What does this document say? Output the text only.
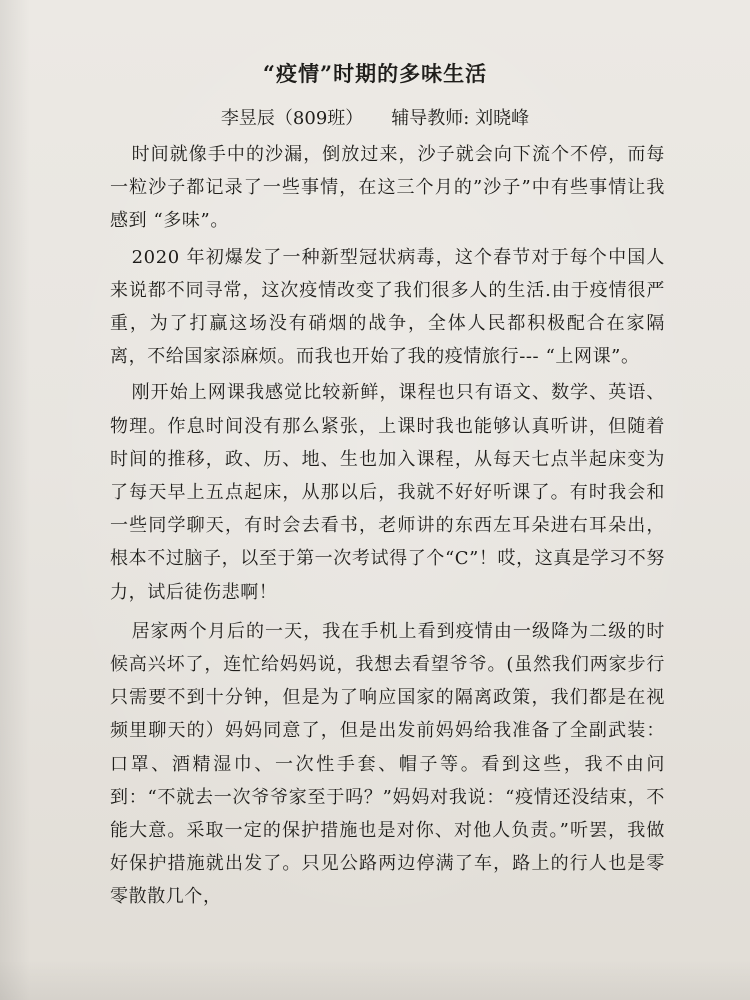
“疫情”时期的多味生活
李昱辰（809班） 辅导教师: 刘晓峰

时间就像手中的沙漏，倒放过来，沙子就会向下流个不停，而每一粒沙子都记录了一些事情，在这三个月的”沙子”中有些事情让我感到 “多味”。

2020 年初爆发了一种新型冠状病毒，这个春节对于每个中国人来说都不同寻常，这次疫情改变了我们很多人的生活.由于疫情很严重，为了打赢这场没有硝烟的战争，全体人民都积极配合在家隔离，不给国家添麻烦。而我也开始了我的疫情旅行--- “上网课”。

刚开始上网课我感觉比较新鲜，课程也只有语文、数学、英语、物理。作息时间没有那么紧张，上课时我也能够认真听讲，但随着时间的推移，政、历、地、生也加入课程，从每天七点半起床变为了每天早上五点起床，从那以后，我就不好好听课了。有时我会和一些同学聊天，有时会去看书，老师讲的东西左耳朵进右耳朵出，根本不过脑子，以至于第一次考试得了个“C”！哎，这真是学习不努力，试后徒伤悲啊！

居家两个月后的一天，我在手机上看到疫情由一级降为二级的时候高兴坏了，连忙给妈妈说，我想去看望爷爷。(虽然我们两家步行只需要不到十分钟，但是为了响应国家的隔离政策，我们都是在视频里聊天的）妈妈同意了，但是出发前妈妈给我准备了全副武装：口罩、酒精湿巾、一次性手套、帽子等。看到这些，我不由问到：“不就去一次爷爷家至于吗？”妈妈对我说：“疫情还没结束，不能大意。采取一定的保护措施也是对你、对他人负责。”听罢，我做好保护措施就出发了。只见公路两边停满了车，路上的行人也是零零散散几个，
